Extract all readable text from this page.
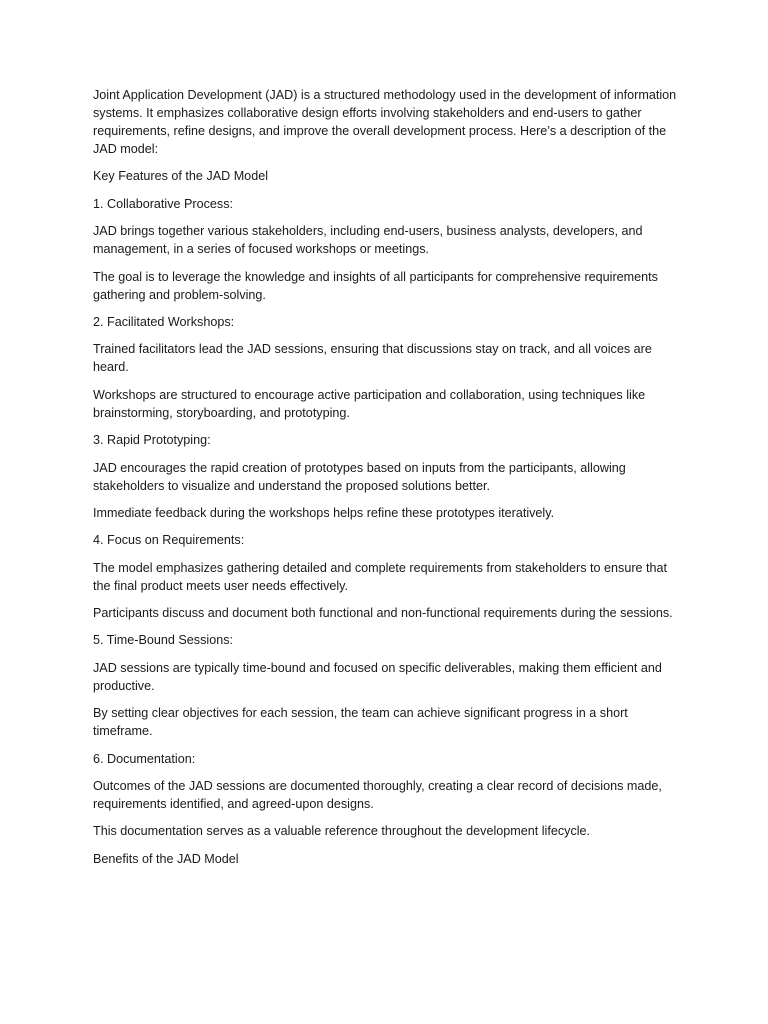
Joint Application Development (JAD) is a structured methodology used in the development of information systems. It emphasizes collaborative design efforts involving stakeholders and end-users to gather requirements, refine designs, and improve the overall development process. Here’s a description of the JAD model:

Key Features of the JAD Model

1. Collaborative Process:

JAD brings together various stakeholders, including end-users, business analysts, developers, and management, in a series of focused workshops or meetings.

The goal is to leverage the knowledge and insights of all participants for comprehensive requirements gathering and problem-solving.

2. Facilitated Workshops:

Trained facilitators lead the JAD sessions, ensuring that discussions stay on track, and all voices are heard.

Workshops are structured to encourage active participation and collaboration, using techniques like brainstorming, storyboarding, and prototyping.

3. Rapid Prototyping:

JAD encourages the rapid creation of prototypes based on inputs from the participants, allowing stakeholders to visualize and understand the proposed solutions better.

Immediate feedback during the workshops helps refine these prototypes iteratively.

4. Focus on Requirements:

The model emphasizes gathering detailed and complete requirements from stakeholders to ensure that the final product meets user needs effectively.

Participants discuss and document both functional and non-functional requirements during the sessions.

5. Time-Bound Sessions:

JAD sessions are typically time-bound and focused on specific deliverables, making them efficient and productive.

By setting clear objectives for each session, the team can achieve significant progress in a short timeframe.

6. Documentation:

Outcomes of the JAD sessions are documented thoroughly, creating a clear record of decisions made, requirements identified, and agreed-upon designs.

This documentation serves as a valuable reference throughout the development lifecycle.

Benefits of the JAD Model
